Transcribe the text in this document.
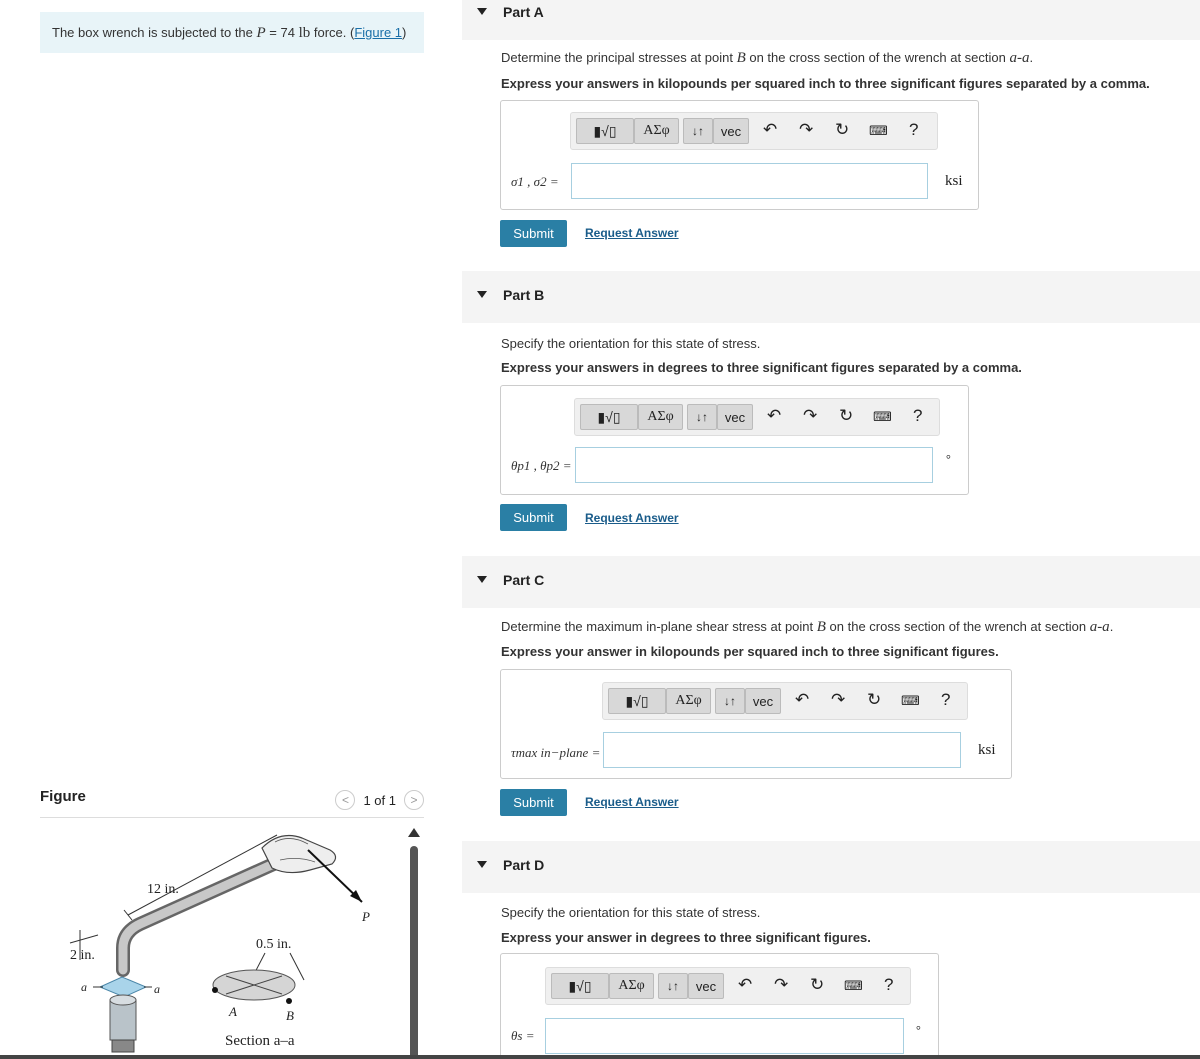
The box wrench is subjected to the P = 74 lb force. (Figure 1)
Figure	< 1 of 1 >
12 in.
P
2 in.
a	a
0.5 in.
A	B
Section a–a
Part A
Determine the principal stresses at point B on the cross section of the wrench at section a-a.
Express your answers in kilopounds per squared inch to three significant figures separated by a comma.
▮√▯	ΑΣφ	↓↑	vec	↶ ↷ ↻ ⌨ ?
σ1 , σ2 =	ksi
Submit	Request Answer
Part B
Specify the orientation for this state of stress.
Express your answers in degrees to three significant figures separated by a comma.
▮√▯	ΑΣφ	↓↑	vec	↶ ↷ ↻ ⌨ ?
θp1 , θp2 =	°
Submit	Request Answer
Part C
Determine the maximum in-plane shear stress at point B on the cross section of the wrench at section a-a.
Express your answer in kilopounds per squared inch to three significant figures.
▮√▯	ΑΣφ	↓↑	vec	↶ ↷ ↻ ⌨ ?
τmax in−plane =	ksi
Submit	Request Answer
Part D
Specify the orientation for this state of stress.
Express your answer in degrees to three significant figures.
▮√▯	ΑΣφ	↓↑	vec	↶ ↷ ↻ ⌨ ?
θs =	°
